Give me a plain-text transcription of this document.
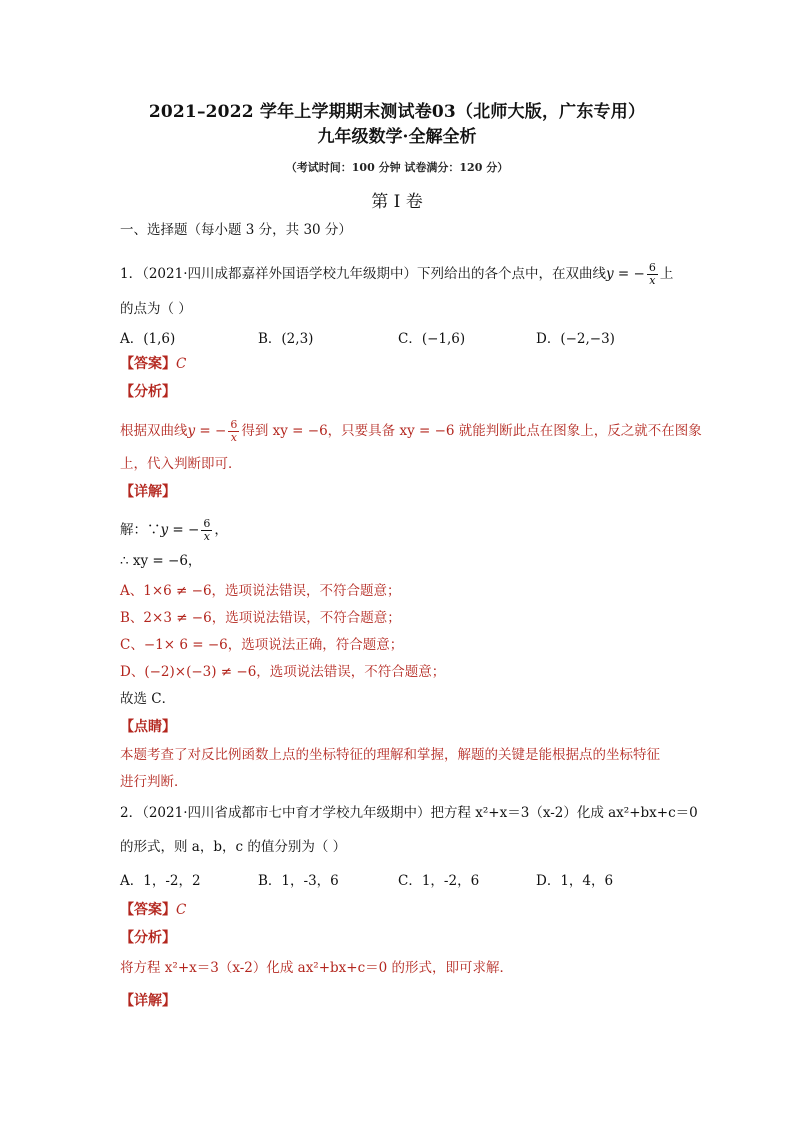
2021–2022 学年上学期期末测试卷03（北师大版，广东专用）
九年级数学·全解全析
（考试时间：100 分钟 试卷满分：120 分）
第 I 卷
一、选择题（每小题 3 分，共 30 分）
1．（2021·四川成都嘉祥外国语学校九年级期中）下列给出的各个点中，在双曲线y = − $\frac{6}{x}$ 上
的点为（ ）
A．(1,6)	B．(2,3)	C．(−1,6)	D．(−2,−3)
【答案】C
【分析】
根据双曲线y = − $\frac{6}{x}$ 得到 xy = −6，只要具备 xy = −6 就能判断此点在图象上，反之就不在图象
上，代入判断即可．
【详解】
解：∵y = − $\frac{6}{x}$ ，
∴ xy = −6，
A、1×6 ≠ −6，选项说法错误，不符合题意；
B、2×3 ≠ −6，选项说法错误，不符合题意；
C、−1× 6 = −6，选项说法正确，符合题意；
D、(−2)×(−3) ≠ −6，选项说法错误，不符合题意；
故选 C．
【点睛】
本题考查了对反比例函数上点的坐标特征的理解和掌握，解题的关键是能根据点的坐标特征
进行判断．
2．（2021·四川省成都市七中育才学校九年级期中）把方程 x²+x＝3（x-2）化成 ax²+bx+c＝0
的形式，则 a，b，c 的值分别为（ ）
A．1，-2，2	B．1，-3，6	C．1，-2，6	D．1，4，6
【答案】C
【分析】
将方程 x²+x＝3（x-2）化成 ax²+bx+c＝0 的形式，即可求解．
【详解】
